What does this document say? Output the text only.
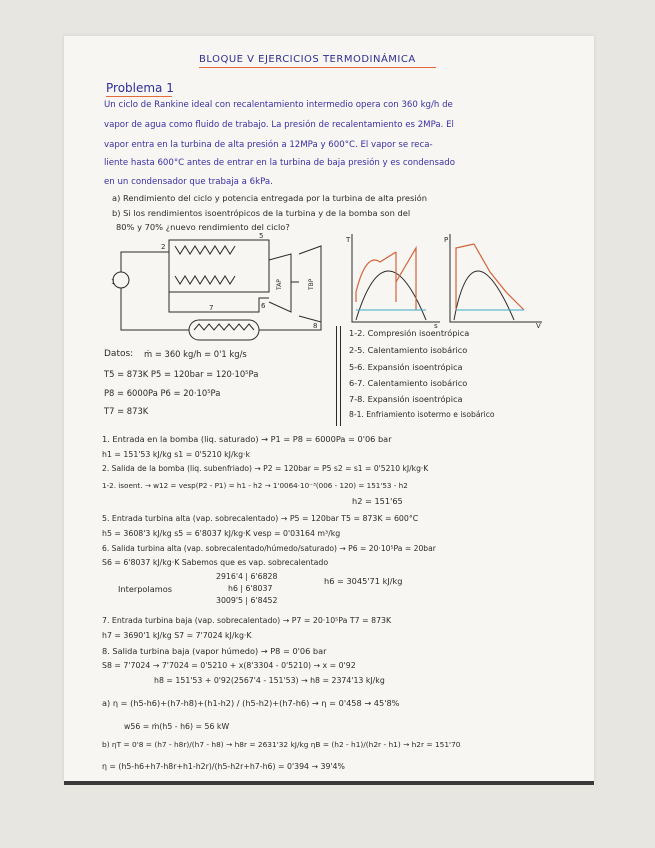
BLOQUE V EJERCICIOS TERMODINÁMICA
Problema 1
Un ciclo de Rankine ideal con recalentamiento intermedio opera con 360 kg/h de
vapor de agua como fluido de trabajo. La presión de recalentamiento es 2MPa. El
vapor entra en la turbina de alta presión a 12MPa y 600°C. El vapor se reca-
liente hasta 600°C antes de entrar en la turbina de baja presión y es condensado
en un condensador que trabaja a 6kPa.
a) Rendimiento del ciclo y potencia entregada por la turbina de alta presión
b) Si los rendimientos isoentrópicos de la turbina y de la bomba son del
80% y 70% ¿nuevo rendimiento del ciclo?
1
2
5
6
7
8
TAP	TBP
T
s
P
V
Datos: ṁ = 360 kg/h = 0'1 kg/s
T5 = 873K P5 = 120bar = 120·10⁵Pa
P8 = 6000Pa P6 = 20·10⁵Pa
T7 = 873K
1-2. Compresión isoentrópica
2-5. Calentamiento isobárico
5-6. Expansión isoentrópica
6-7. Calentamiento isobárico
7-8. Expansión isoentrópica
8-1. Enfriamiento isotermo e isobárico
1. Entrada en la bomba (liq. saturado) → P1 = P8 = 6000Pa = 0'06 bar
h1 = 151'53 kJ/kg s1 = 0'5210 kJ/kg·k
2. Salida de la bomba (liq. subenfriado) → P2 = 120bar = P5 s2 = s1 = 0'5210 kJ/kg·K
1-2. isoent. → w12 = vesp(P2 - P1) = h1 - h2 → 1'0064·10⁻³(006 - 120) = 151'53 - h2
h2 = 151'65
5. Entrada turbina alta (vap. sobrecalentado) → P5 = 120bar T5 = 873K = 600°C
h5 = 3608'3 kJ/kg s5 = 6'8037 kJ/kg·K vesp = 0'03164 m³/kg
6. Salida turbina alta (vap. sobrecalentado/húmedo/saturado) → P6 = 20·10⁵Pa = 20bar
S6 = 6'8037 kJ/kg·K Sabemos que es vap. sobrecalentado
Interpolamos
2916'4 | 6'6828
h6 | 6'8037
3009'5 | 6'8452
h6 = 3045'71 kJ/kg
7. Entrada turbina baja (vap. sobrecalentado) → P7 = 20·10⁵Pa T7 = 873K
h7 = 3690'1 kJ/kg S7 = 7'7024 kJ/kg·K
8. Salida turbina baja (vapor húmedo) → P8 = 0'06 bar
S8 = 7'7024 → 7'7024 = 0'5210 + x(8'3304 - 0'5210) → x = 0'92
h8 = 151'53 + 0'92(2567'4 - 151'53) → h8 = 2374'13 kJ/kg
a) η = (h5-h6)+(h7-h8)+(h1-h2) / (h5-h2)+(h7-h6) → η = 0'458 → 45'8%
w56 = ṁ(h5 - h6) = 56 kW
b) ηT = 0'8 = (h7 - h8r)/(h7 - h8) → h8r = 2631'32 kJ/kg ηB = (h2 - h1)/(h2r - h1) → h2r = 151'70
η = (h5-h6+h7-h8r+h1-h2r)/(h5-h2r+h7-h6) = 0'394 → 39'4%
